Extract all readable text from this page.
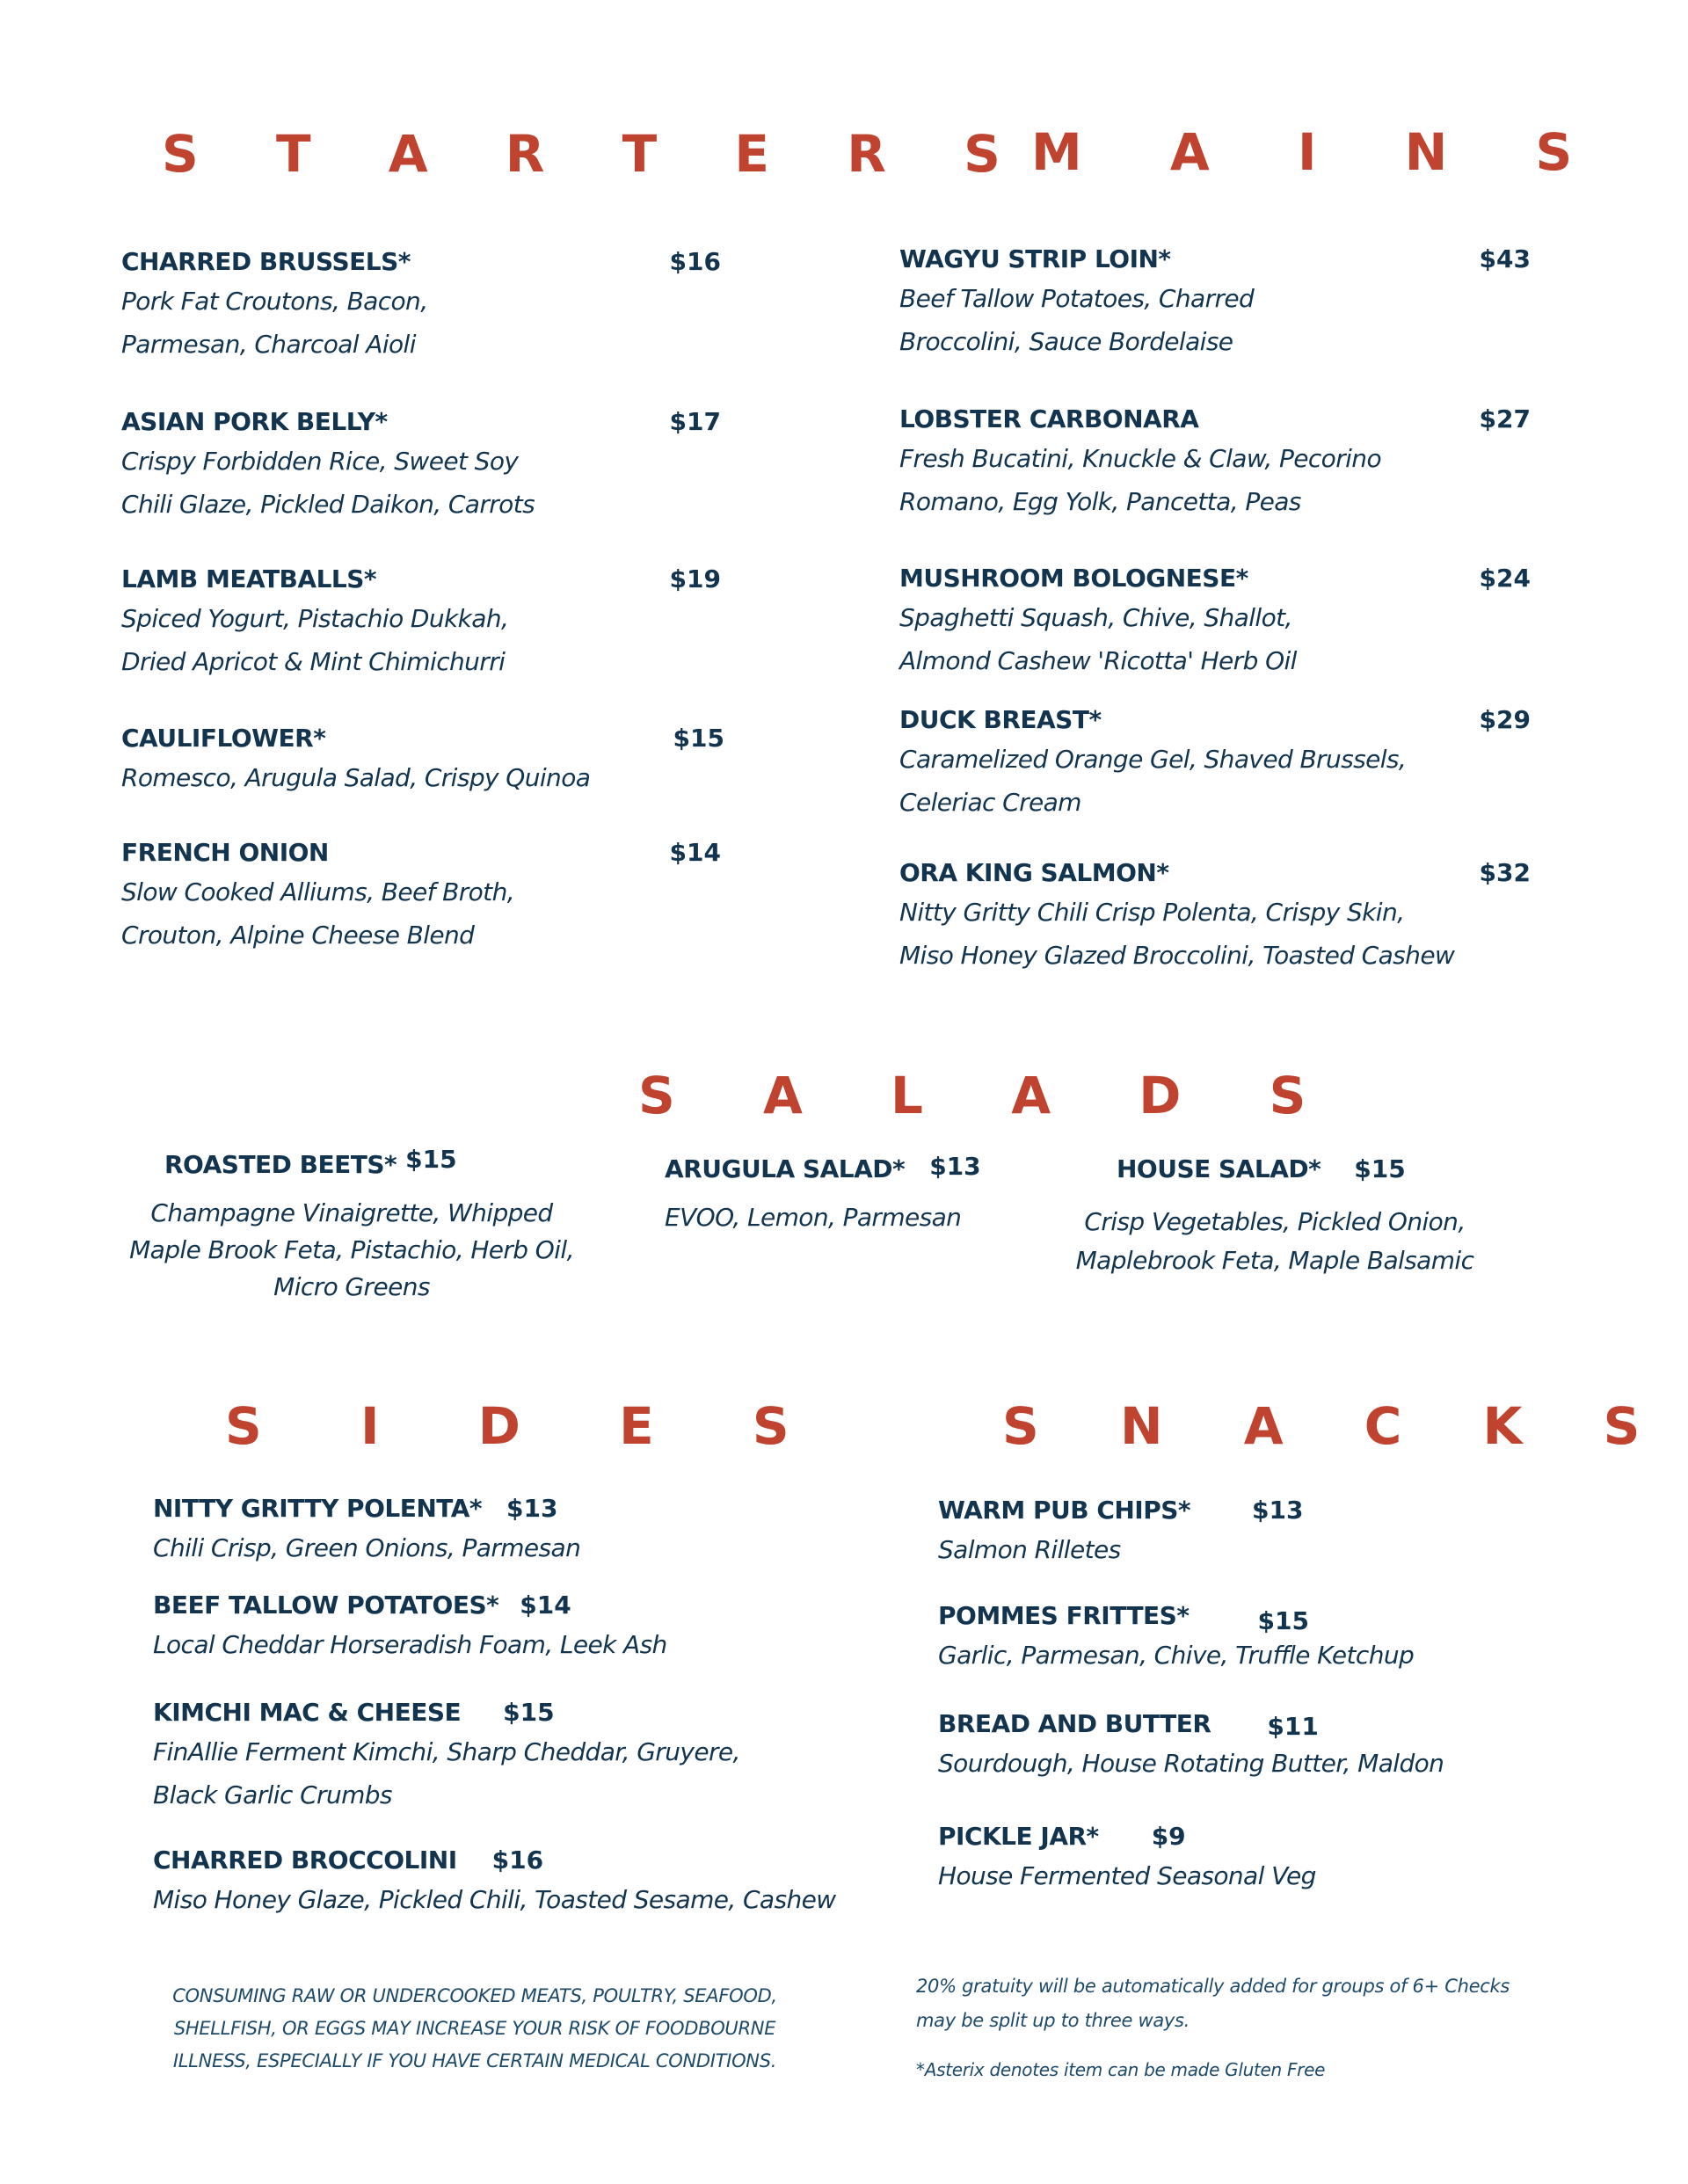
S T A R T E R S M A I N S
S A L A D S
S I D E S	S N A C K S
CHARRED BRUSSELS*	$16
Pork Fat Croutons, Bacon,
Parmesan, Charcoal Aioli
ASIAN PORK BELLY*	$17
Crispy Forbidden Rice, Sweet Soy
Chili Glaze, Pickled Daikon, Carrots
LAMB MEATBALLS*	$19
Spiced Yogurt, Pistachio Dukkah,
Dried Apricot & Mint Chimichurri
CAULIFLOWER*	$15
Romesco, Arugula Salad, Crispy Quinoa
FRENCH ONION	$14
Slow Cooked Alliums, Beef Broth,
Crouton, Alpine Cheese Blend
WAGYU STRIP LOIN*	$43
Beef Tallow Potatoes, Charred
Broccolini, Sauce Bordelaise
LOBSTER CARBONARA	$27
Fresh Bucatini, Knuckle & Claw, Pecorino
Romano, Egg Yolk, Pancetta, Peas
MUSHROOM BOLOGNESE*	$24
Spaghetti Squash, Chive, Shallot,
Almond Cashew 'Ricotta' Herb Oil
DUCK BREAST*	$29
Caramelized Orange Gel, Shaved Brussels,
Celeriac Cream
ORA KING SALMON*	$32
Nitty Gritty Chili Crisp Polenta, Crispy Skin,
Miso Honey Glazed Broccolini, Toasted Cashew
ROASTED BEETS* $15
Champagne Vinaigrette, Whipped
Maple Brook Feta, Pistachio, Herb Oil,
Micro Greens
ARUGULA SALAD* $13
EVOO, Lemon, Parmesan
HOUSE SALAD* $15
Crisp Vegetables, Pickled Onion,
Maplebrook Feta, Maple Balsamic
NITTY GRITTY POLENTA* $13
Chili Crisp, Green Onions, Parmesan
BEEF TALLOW POTATOES* $14
Local Cheddar Horseradish Foam, Leek Ash
KIMCHI MAC & CHEESE $15
FinAllie Ferment Kimchi, Sharp Cheddar, Gruyere,
Black Garlic Crumbs
CHARRED BROCCOLINI $16
Miso Honey Glaze, Pickled Chili, Toasted Sesame, Cashew
WARM PUB CHIPS*	$13
Salmon Rilletes
POMMES FRITTES*	$15
Garlic, Parmesan, Chive, Truffle Ketchup
BREAD AND BUTTER $11
Sourdough, House Rotating Butter, Maldon
PICKLE JAR* $9
House Fermented Seasonal Veg
CONSUMING RAW OR UNDERCOOKED MEATS, POULTRY, SEAFOOD,
SHELLFISH, OR EGGS MAY INCREASE YOUR RISK OF FOODBOURNE
ILLNESS, ESPECIALLY IF YOU HAVE CERTAIN MEDICAL CONDITIONS.
20% gratuity will be automatically added for groups of 6+ Checks
may be split up to three ways.
*Asterix denotes item can be made Gluten Free
